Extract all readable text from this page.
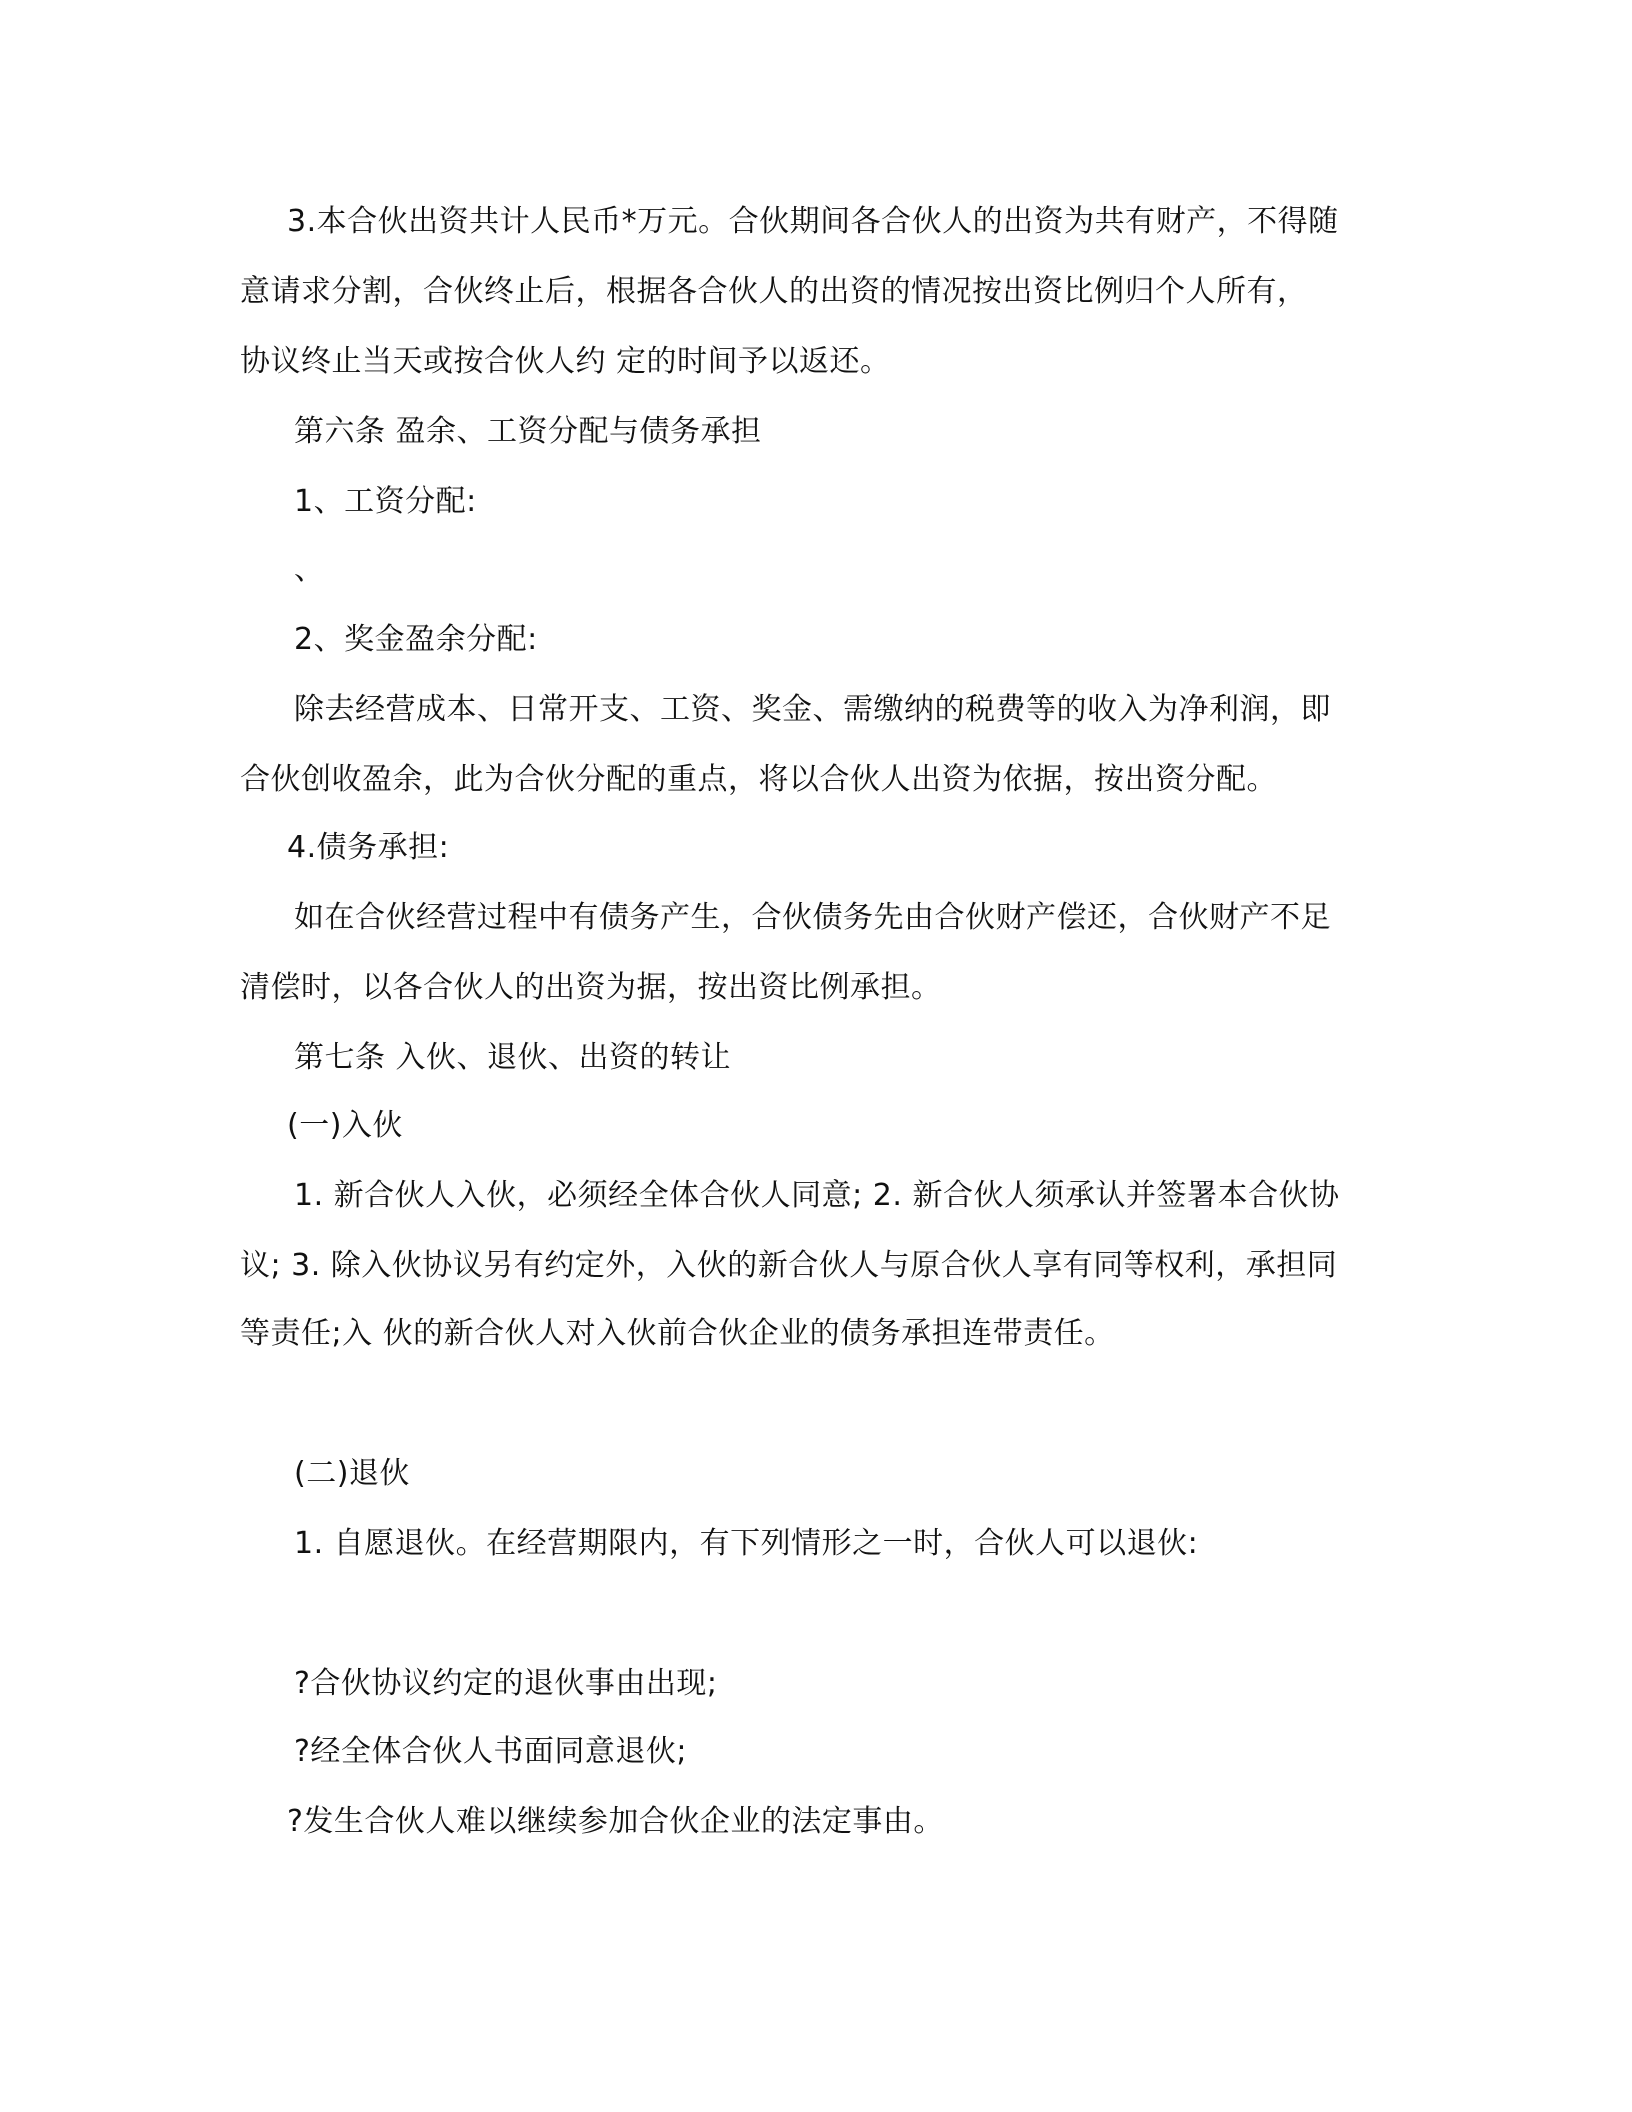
3.本合伙出资共计人民币*万元。合伙期间各合伙人的出资为共有财产，不得随
意请求分割，合伙终止后，根据各合伙人的出资的情况按出资比例归个人所有，
协议终止当天或按合伙人约 定的时间予以返还。
第六条 盈余、工资分配与债务承担
1、工资分配:
、
2、奖金盈余分配:
除去经营成本、日常开支、工资、奖金、需缴纳的税费等的收入为净利润，即
合伙创收盈余，此为合伙分配的重点，将以合伙人出资为依据，按出资分配。
4.债务承担:
如在合伙经营过程中有债务产生，合伙债务先由合伙财产偿还，合伙财产不足
清偿时，以各合伙人的出资为据，按出资比例承担。
第七条 入伙、退伙、出资的转让
(一)入伙
1. 新合伙人入伙，必须经全体合伙人同意; 2. 新合伙人须承认并签署本合伙协
议; 3. 除入伙协议另有约定外，入伙的新合伙人与原合伙人享有同等权利，承担同
等责任;入 伙的新合伙人对入伙前合伙企业的债务承担连带责任。
(二)退伙
1. 自愿退伙。在经营期限内，有下列情形之一时，合伙人可以退伙:
?合伙协议约定的退伙事由出现;
?经全体合伙人书面同意退伙;
?发生合伙人难以继续参加合伙企业的法定事由。
